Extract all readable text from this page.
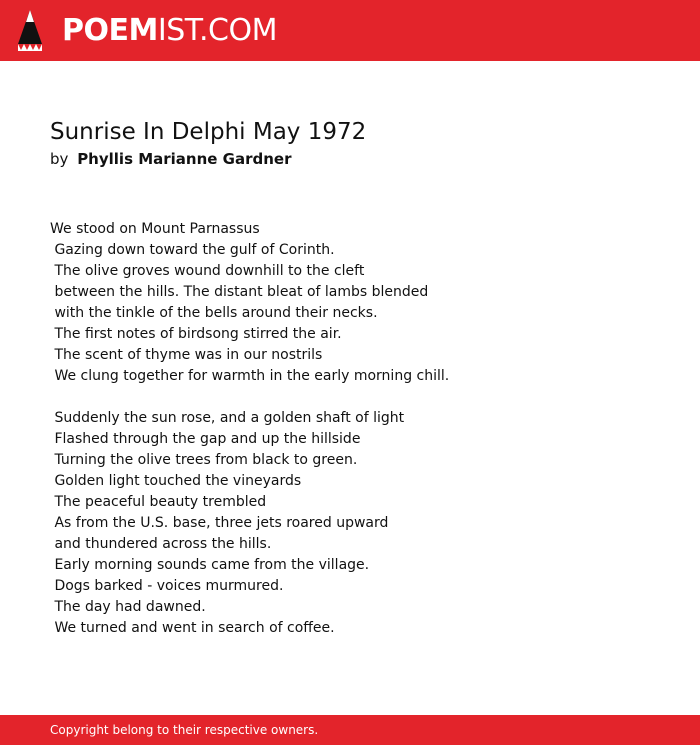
POEMIST.COM
Sunrise In Delphi May 1972
by Phyllis Marianne Gardner
We stood on Mount Parnassus
Gazing down toward the gulf of Corinth.
The olive groves wound downhill to the cleft
between the hills. The distant bleat of lambs blended
with the tinkle of the bells around their necks.
The first notes of birdsong stirred the air.
The scent of thyme was in our nostrils
We clung together for warmth in the early morning chill.
Suddenly the sun rose, and a golden shaft of light
Flashed through the gap and up the hillside
Turning the olive trees from black to green.
Golden light touched the vineyards
The peaceful beauty trembled
As from the U.S. base, three jets roared upward
and thundered across the hills.
Early morning sounds came from the village.
Dogs barked - voices murmured.
The day had dawned.
We turned and went in search of coffee.
Copyright belong to their respective owners.
